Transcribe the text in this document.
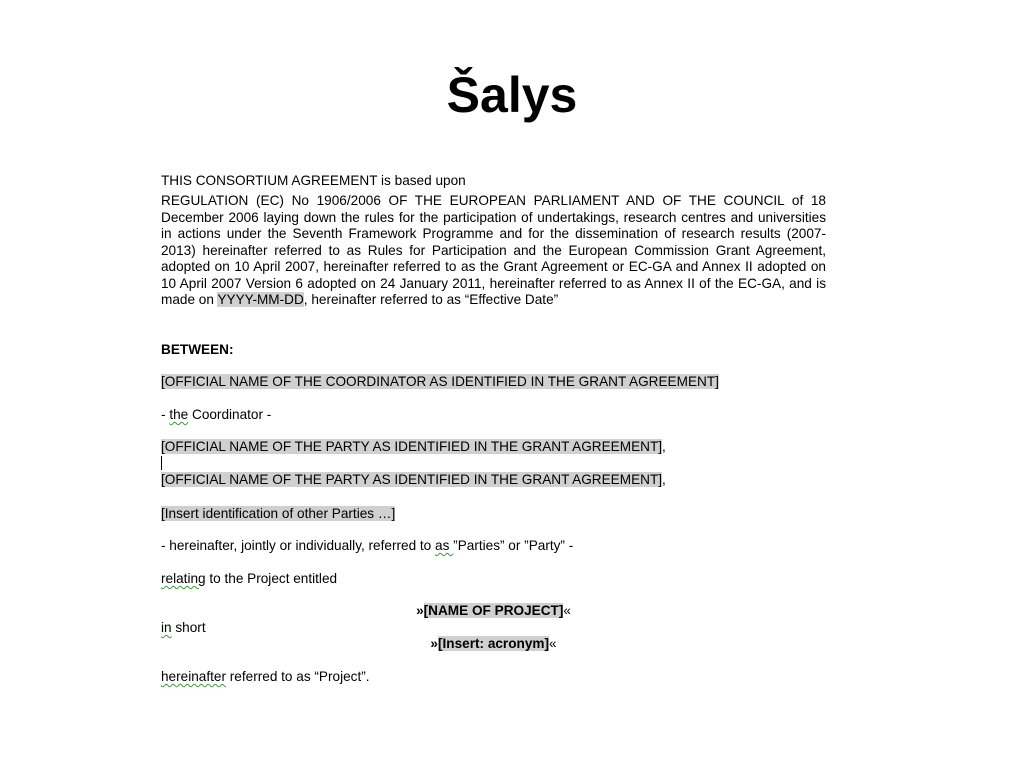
Šalys

THIS CONSORTIUM AGREEMENT is based upon

REGULATION (EC) No 1906/2006 OF THE EUROPEAN PARLIAMENT AND OF THE COUNCIL of 18 December 2006 laying down the rules for the participation of undertakings, research centres and universities in actions under the Seventh Framework Programme and for the dissemination of research results (2007-2013) hereinafter referred to as Rules for Participation and the European Commission Grant Agreement, adopted on 10 April 2007, hereinafter referred to as the Grant Agreement or EC-GA and Annex II adopted on 10 April 2007 Version 6 adopted on 24 January 2011, hereinafter referred to as Annex II of the EC-GA, and is made on YYYY-MM-DD, hereinafter referred to as “Effective Date”

BETWEEN:

[OFFICIAL NAME OF THE COORDINATOR AS IDENTIFIED IN THE GRANT AGREEMENT]

- the Coordinator -

[OFFICIAL NAME OF THE PARTY AS IDENTIFIED IN THE GRANT AGREEMENT],

[OFFICIAL NAME OF THE PARTY AS IDENTIFIED IN THE GRANT AGREEMENT],

[Insert identification of other Parties …]

- hereinafter, jointly or individually, referred to as ”Parties” or ”Party” -

relating to the Project entitled

»[NAME OF PROJECT]«

in short

»[Insert: acronym]«

hereinafter referred to as “Project”.
